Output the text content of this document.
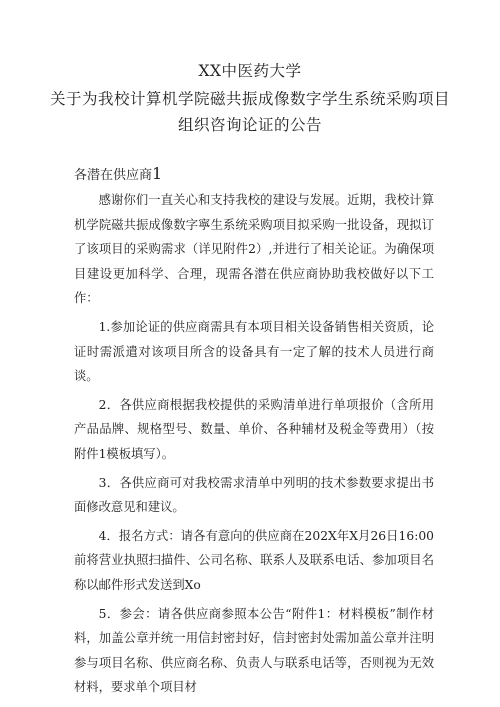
XX中医药大学
关于为我校计算机学院磁共振成像数字学生系统采购项目
组织咨询论证的公告
各潜在供应商1

感谢你们一直关心和支持我校的建设与发展。近期，我校计算机学院磁共振成像数字寧生系统采购项目拟采购一批设备，现拟订了该项目的采购需求（详见附件2）,并进行了相关论证。为确保项目建设更加科学、合理，现需各潜在供应商协助我校做好以下工作：

1.参加论证的供应商需具有本项目相关设备销售相关资质，论证时需派遣对该项目所含的设备具有一定了解的技术人员进行商谈。

2．各供应商根据我校提供的采购清单进行单项报价（含所用产品品牌、规格型号、数量、单价、各种辅材及税金等费用）（按附件1模板填写）。

3．各供应商可对我校需求清单中列明的技术参数要求提出书面修改意见和建议。

4．报名方式：请各有意向的供应商在202X年X月26日16:00前将营业执照扫描件、公司名称、联系人及联系电话、参加项目名称以邮件形式发送到Xo

5．参会：请各供应商参照本公告“附件1：材料模板”制作材料，加盖公章并统一用信封密封好，信封密封处需加盖公章并注明参与项目名称、供应商名称、负责人与联系电话等，否则视为无效材料，要求单个项目材
